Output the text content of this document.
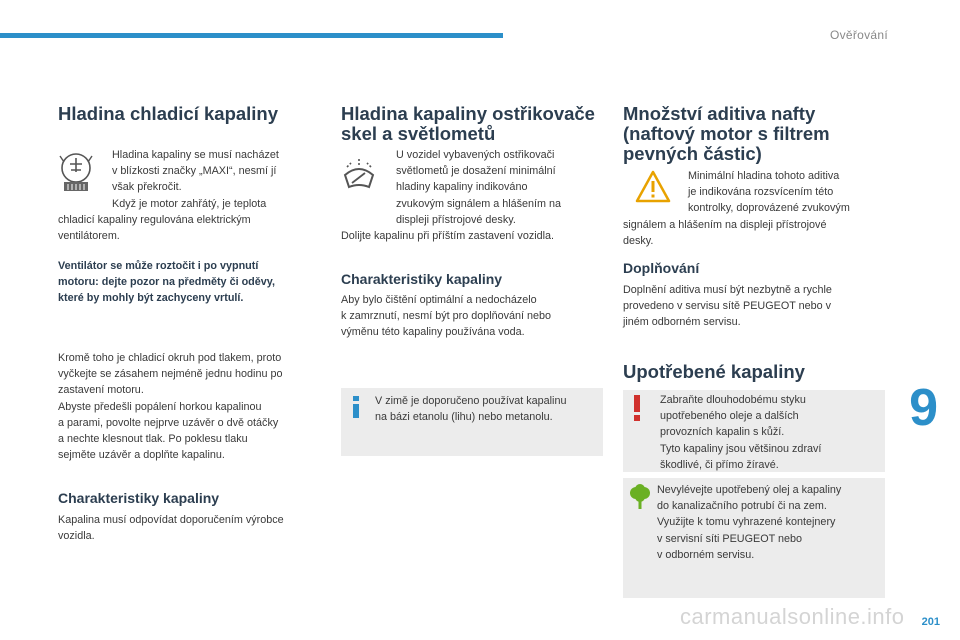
Ověřování
Hladina chladicí kapaliny

Hladina kapaliny se musí nacházet

v blízkosti značky „MAXI“, nesmí jí

však překročit.

Když je motor zahřátý, je teplota

chladicí kapaliny regulována elektrickým

ventilátorem.

Ventilátor se může roztočit i po vypnutí

motoru: dejte pozor na předměty či oděvy,

které by mohly být zachyceny vrtulí.

Kromě toho je chladicí okruh pod tlakem, proto

vyčkejte se zásahem nejméně jednu hodinu po

zastavení motoru.

Abyste předešli popálení horkou kapalinou

a parami, povolte nejprve uzávěr o dvě otáčky

a nechte klesnout tlak. Po poklesu tlaku

sejměte uzávěr a doplňte kapalinu.

Charakteristiky kapaliny

Kapalina musí odpovídat doporučením výrobce

vozidla.

Hladina kapaliny ostřikovače
skel a světlometů

U vozidel vybavených ostřikovači

světlometů je dosažení minimální

hladiny kapaliny indikováno

zvukovým signálem a hlášením na

displeji přístrojové desky.

Dolijte kapalinu při příštím zastavení vozidla.

Charakteristiky kapaliny

Aby bylo čištění optimální a nedocházelo

k zamrznutí, nesmí být pro doplňování nebo

výměnu této kapaliny používána voda.

V zimě je doporučeno používat kapalinu

na bázi etanolu (lihu) nebo metanolu.

Množství aditiva nafty
(naftový motor s filtrem
pevných částic)

Minimální hladina tohoto aditiva

je indikována rozsvícením této

kontrolky, doprovázené zvukovým

signálem a hlášením na displeji přístrojové

desky.

Doplňování

Doplnění aditiva musí být nezbytně a rychle

provedeno v servisu sítě PEUGEOT nebo v

jiném odborném servisu.

Upotřebené kapaliny

Zabraňte dlouhodobému styku

upotřebeného oleje a dalších

provozních kapalin s kůží.

Tyto kapaliny jsou většinou zdraví

škodlivé, či přímo žíravé.

Nevylévejte upotřebený olej a kapaliny

do kanalizačního potrubí či na zem.

Využijte k tomu vyhrazené kontejnery

v servisní síti PEUGEOT nebo

v odborném servisu.

9
201
carmanualsonline.info
